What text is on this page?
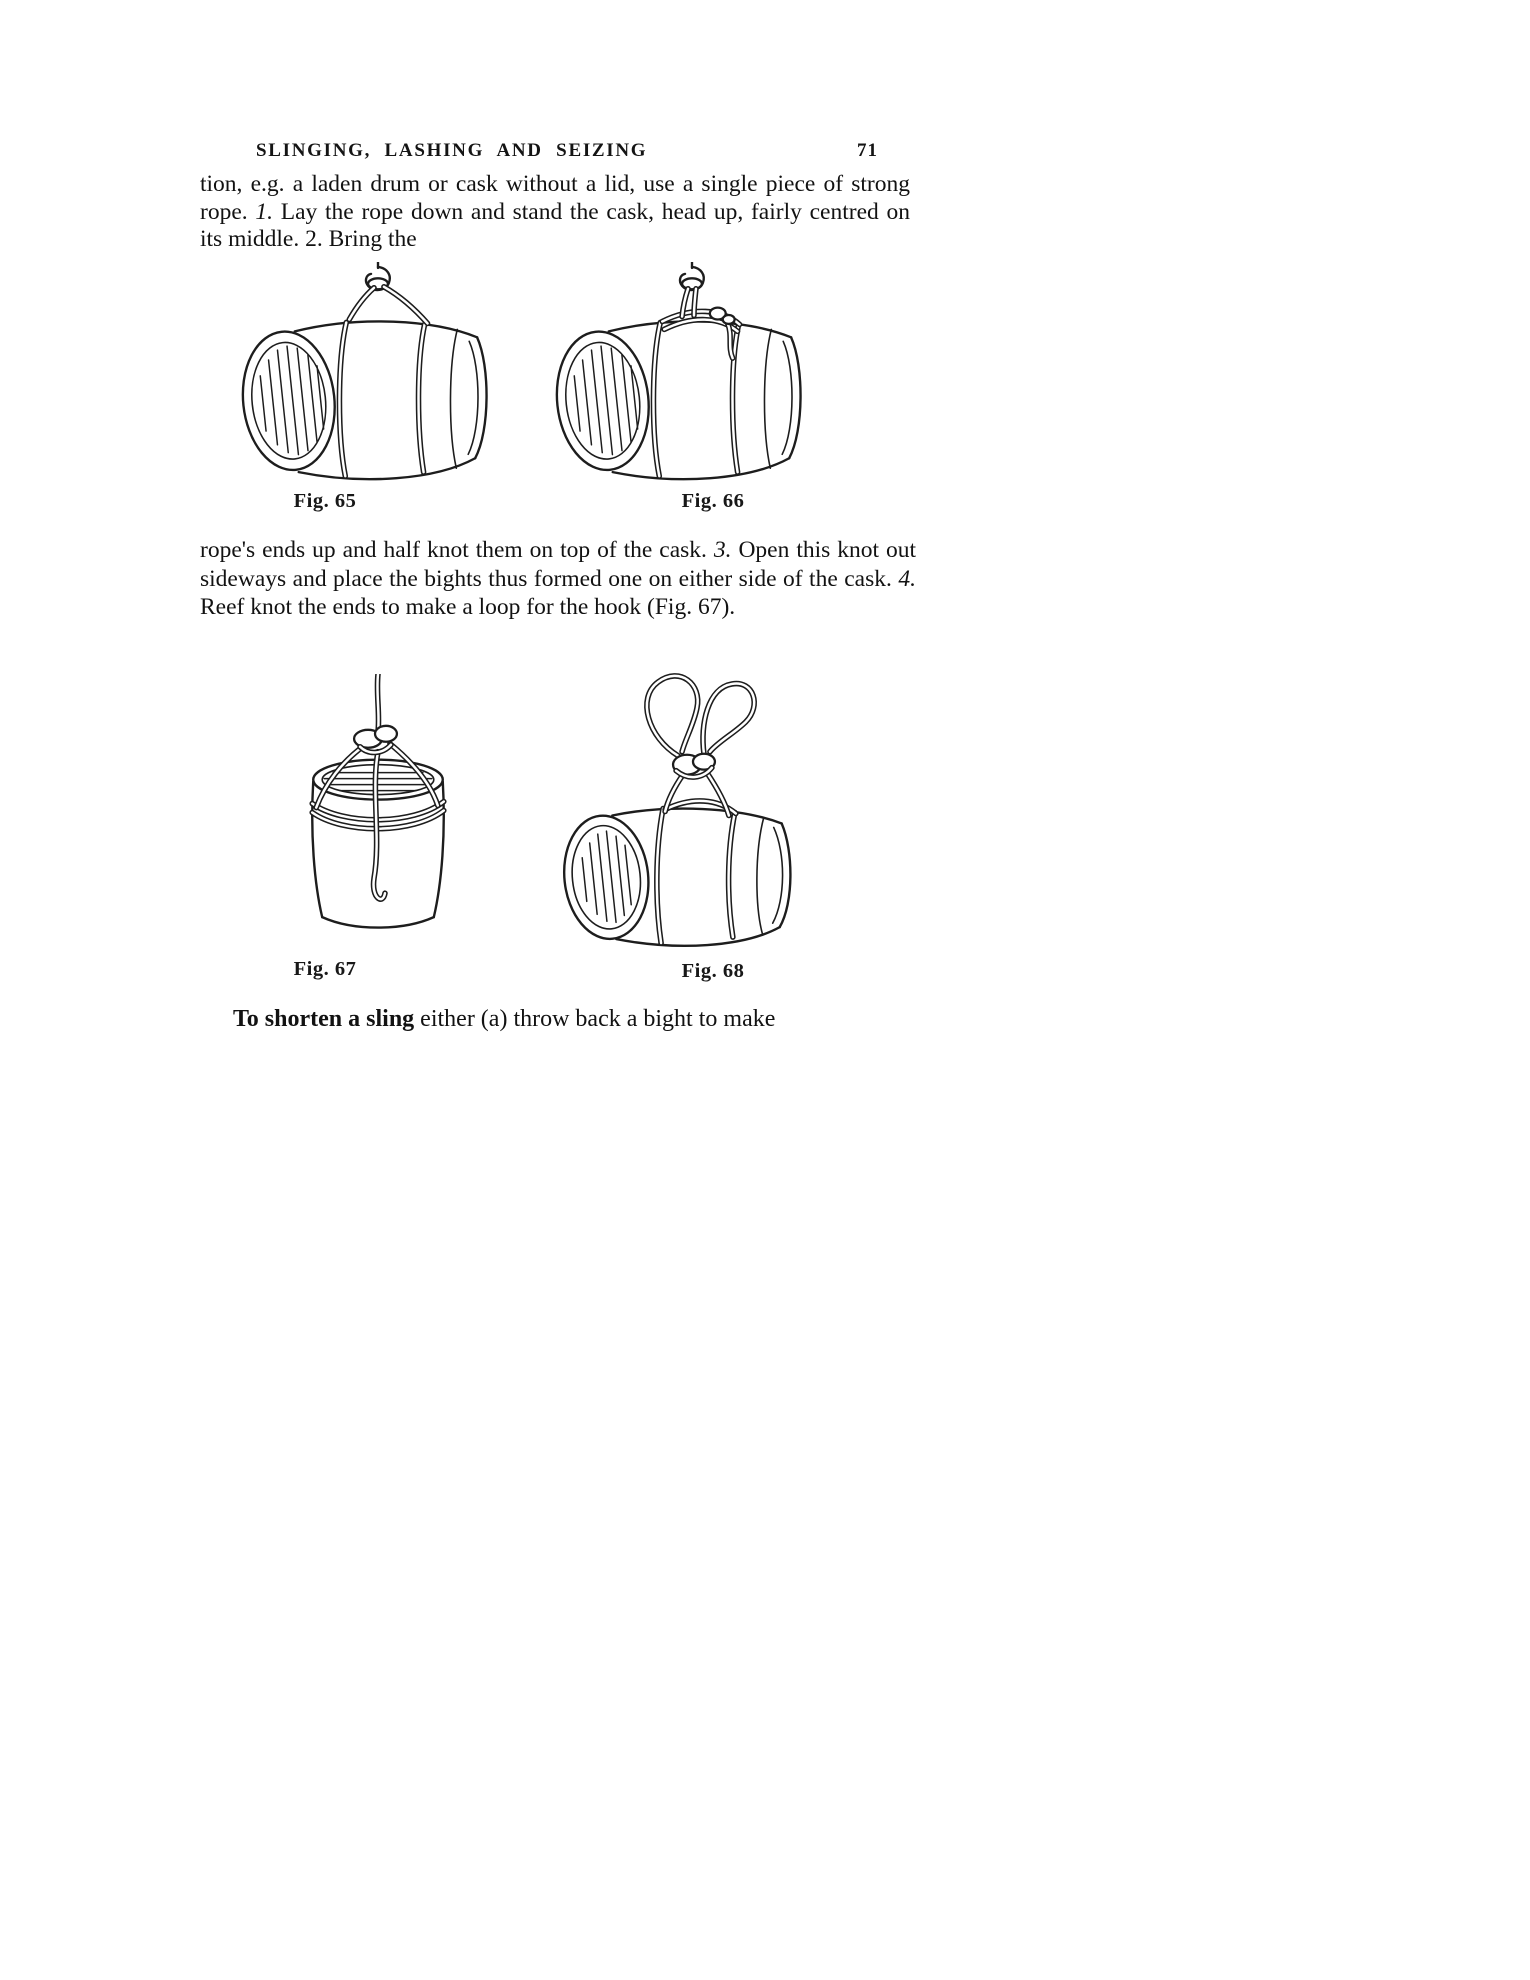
SLINGING, LASHING AND SEIZING	71
tion, e.g. a laden drum or cask without a lid, use a single piece of strong rope. 1. Lay the rope down and stand the cask, head up, fairly centred on its middle. 2. Bring the
Fig. 65	Fig. 66
rope's ends up and half knot them on top of the cask. 3. Open this knot out sideways and place the bights thus formed one on either side of the cask. 4. Reef knot the ends to make a loop for the hook (Fig. 67).
Fig. 67	Fig. 68
To shorten a sling either (a) throw back a bight to make
